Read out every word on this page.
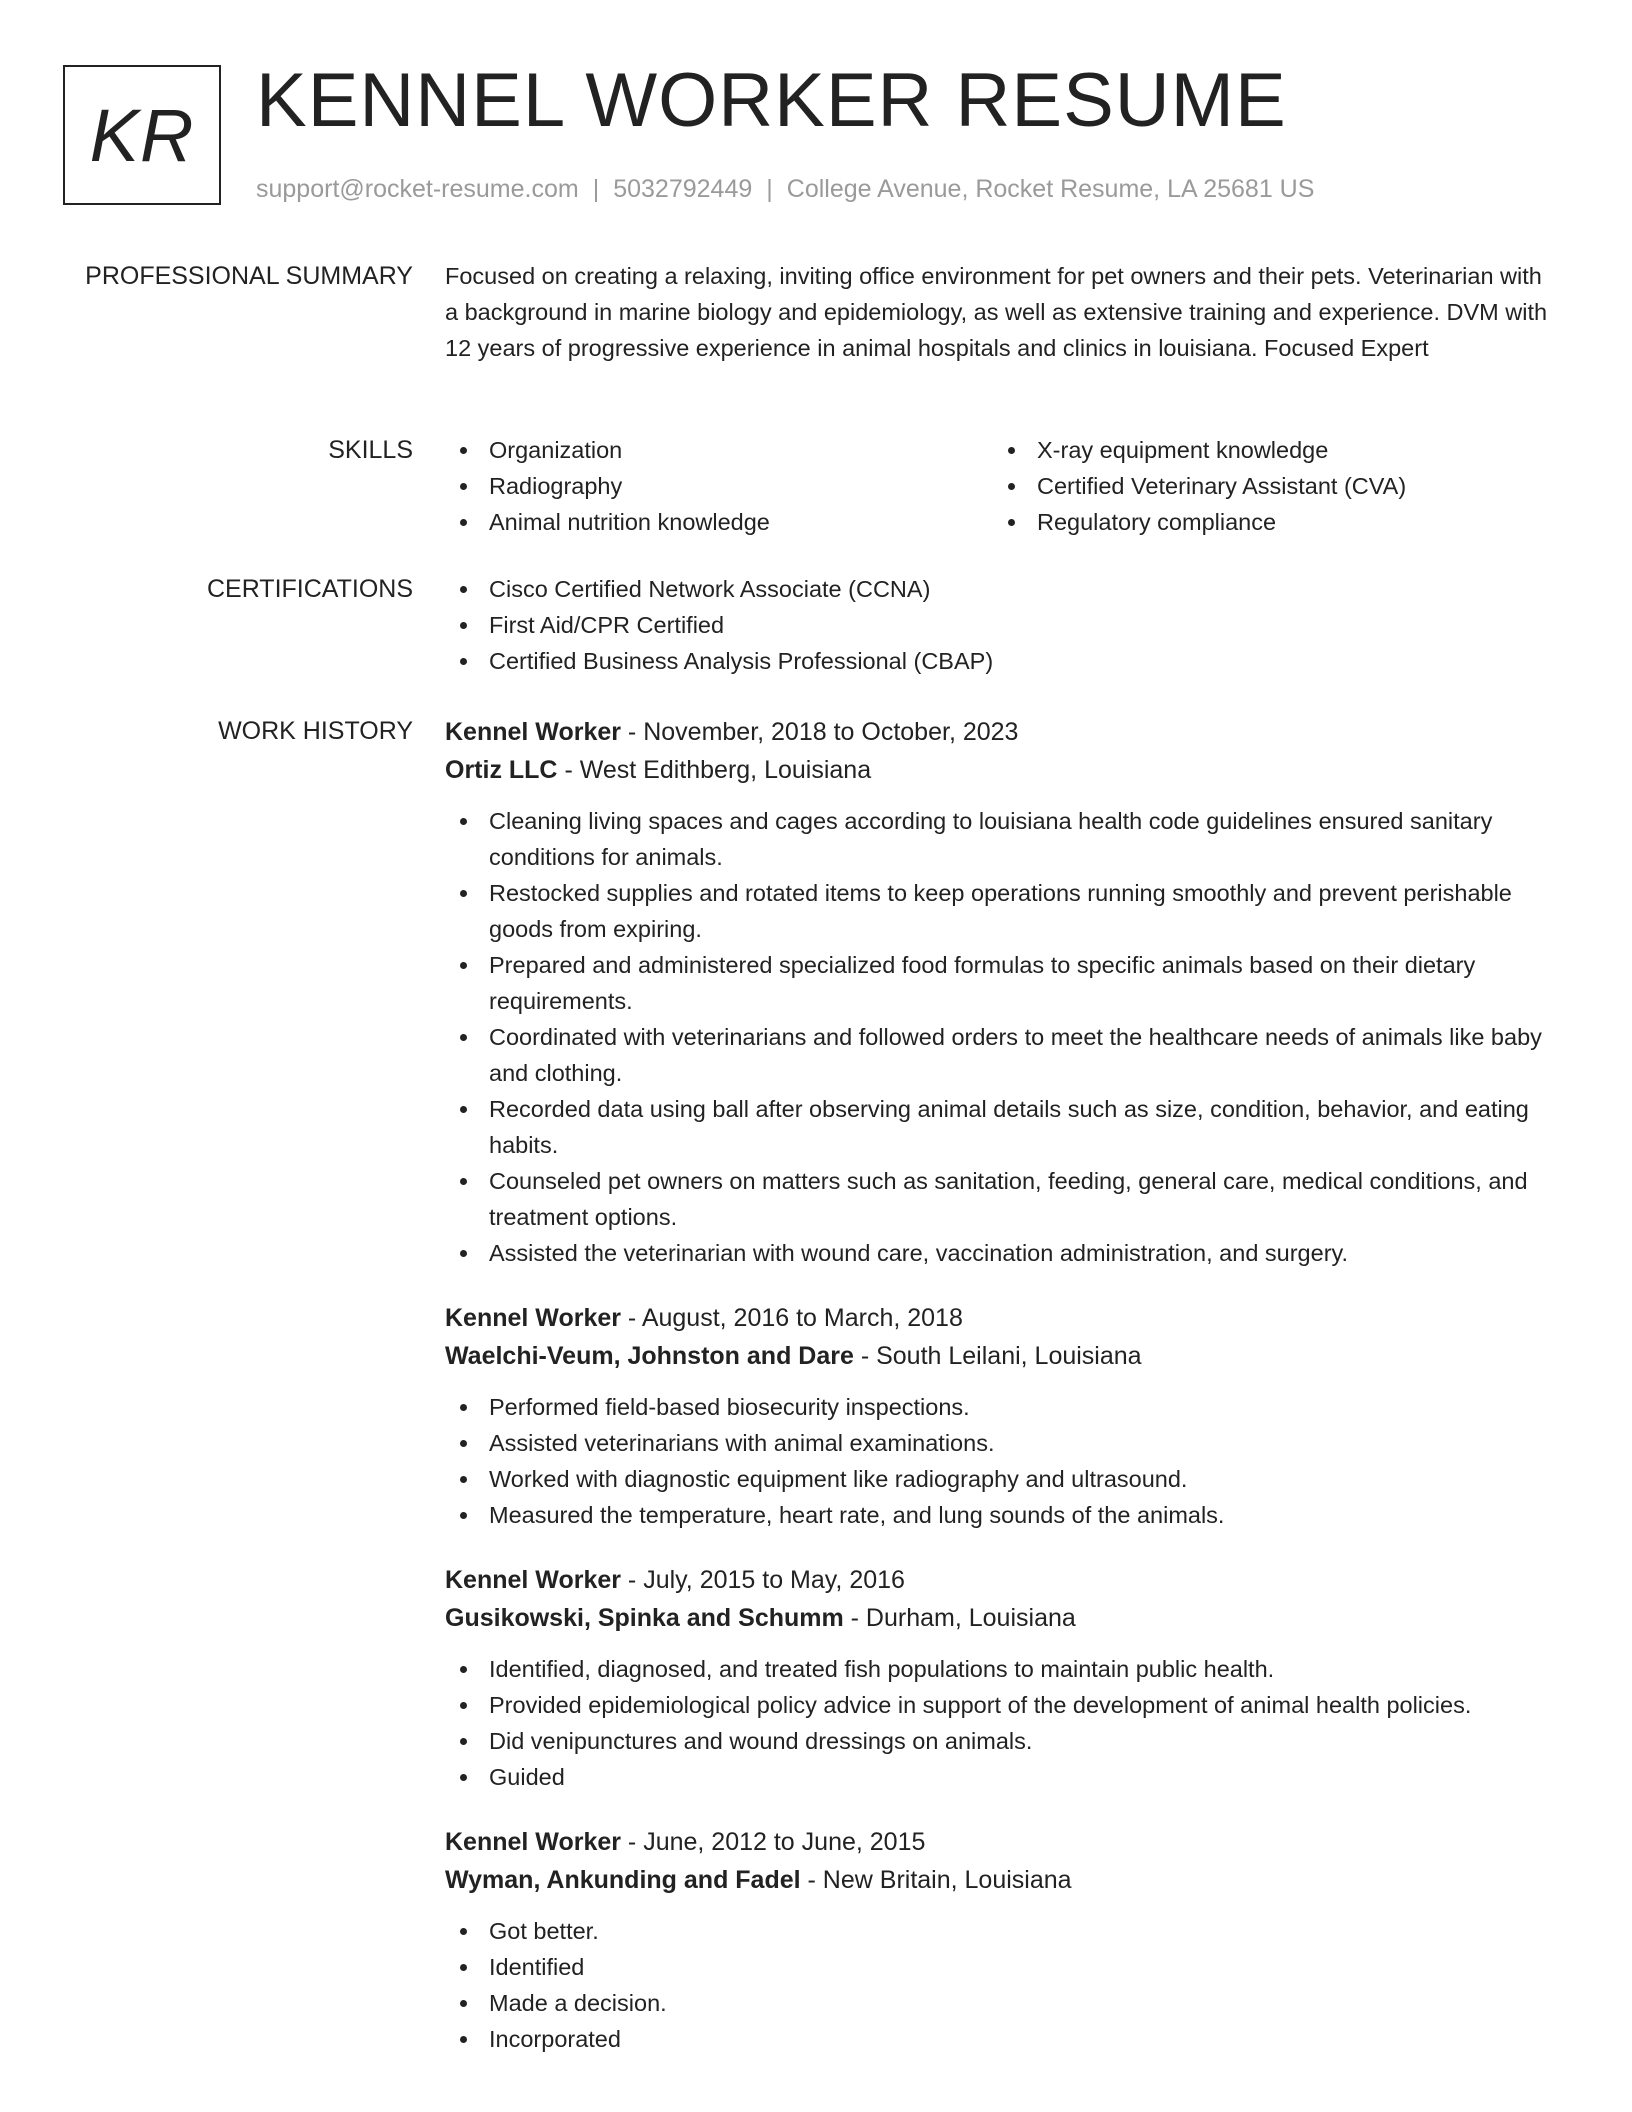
KR KENNEL WORKER RESUME
support@rocket-resume.com | 5032792449 | College Avenue, Rocket Resume, LA 25681 US
PROFESSIONAL SUMMARY Focused on creating a relaxing, inviting office environment for pet owners and their pets. Veterinarian with a background in marine biology and epidemiology, as well as extensive training and experience. DVM with 12 years of progressive experience in animal hospitals and clinics in louisiana. Focused Expert

SKILLS	Organization
Radiography
Animal nutrition knowledge
X-ray equipment knowledge
Certified Veterinary Assistant (CVA)
Regulatory compliance
CERTIFICATIONS	Cisco Certified Network Associate (CCNA)
First Aid/CPR Certified
Certified Business Analysis Professional (CBAP)
WORK HISTORY Kennel Worker - November, 2018 to October, 2023
Ortiz LLC - West Edithberg, Louisiana
Cleaning living spaces and cages according to louisiana health code guidelines ensured sanitary conditions for animals.
Restocked supplies and rotated items to keep operations running smoothly and prevent perishable goods from expiring.
Prepared and administered specialized food formulas to specific animals based on their dietary requirements.
Coordinated with veterinarians and followed orders to meet the healthcare needs of animals like baby and clothing.
Recorded data using ball after observing animal details such as size, condition, behavior, and eating habits.
Counseled pet owners on matters such as sanitation, feeding, general care, medical conditions, and treatment options.
Assisted the veterinarian with wound care, vaccination administration, and surgery.
Kennel Worker - August, 2016 to March, 2018
Waelchi-Veum, Johnston and Dare - South Leilani, Louisiana
Performed field-based biosecurity inspections.
Assisted veterinarians with animal examinations.
Worked with diagnostic equipment like radiography and ultrasound.
Measured the temperature, heart rate, and lung sounds of the animals.
Kennel Worker - July, 2015 to May, 2016
Gusikowski, Spinka and Schumm - Durham, Louisiana
Identified, diagnosed, and treated fish populations to maintain public health.
Provided epidemiological policy advice in support of the development of animal health policies.
Did venipunctures and wound dressings on animals.
Guided
Kennel Worker - June, 2012 to June, 2015
Wyman, Ankunding and Fadel - New Britain, Louisiana
Got better.
Identified
Made a decision.
Incorporated
